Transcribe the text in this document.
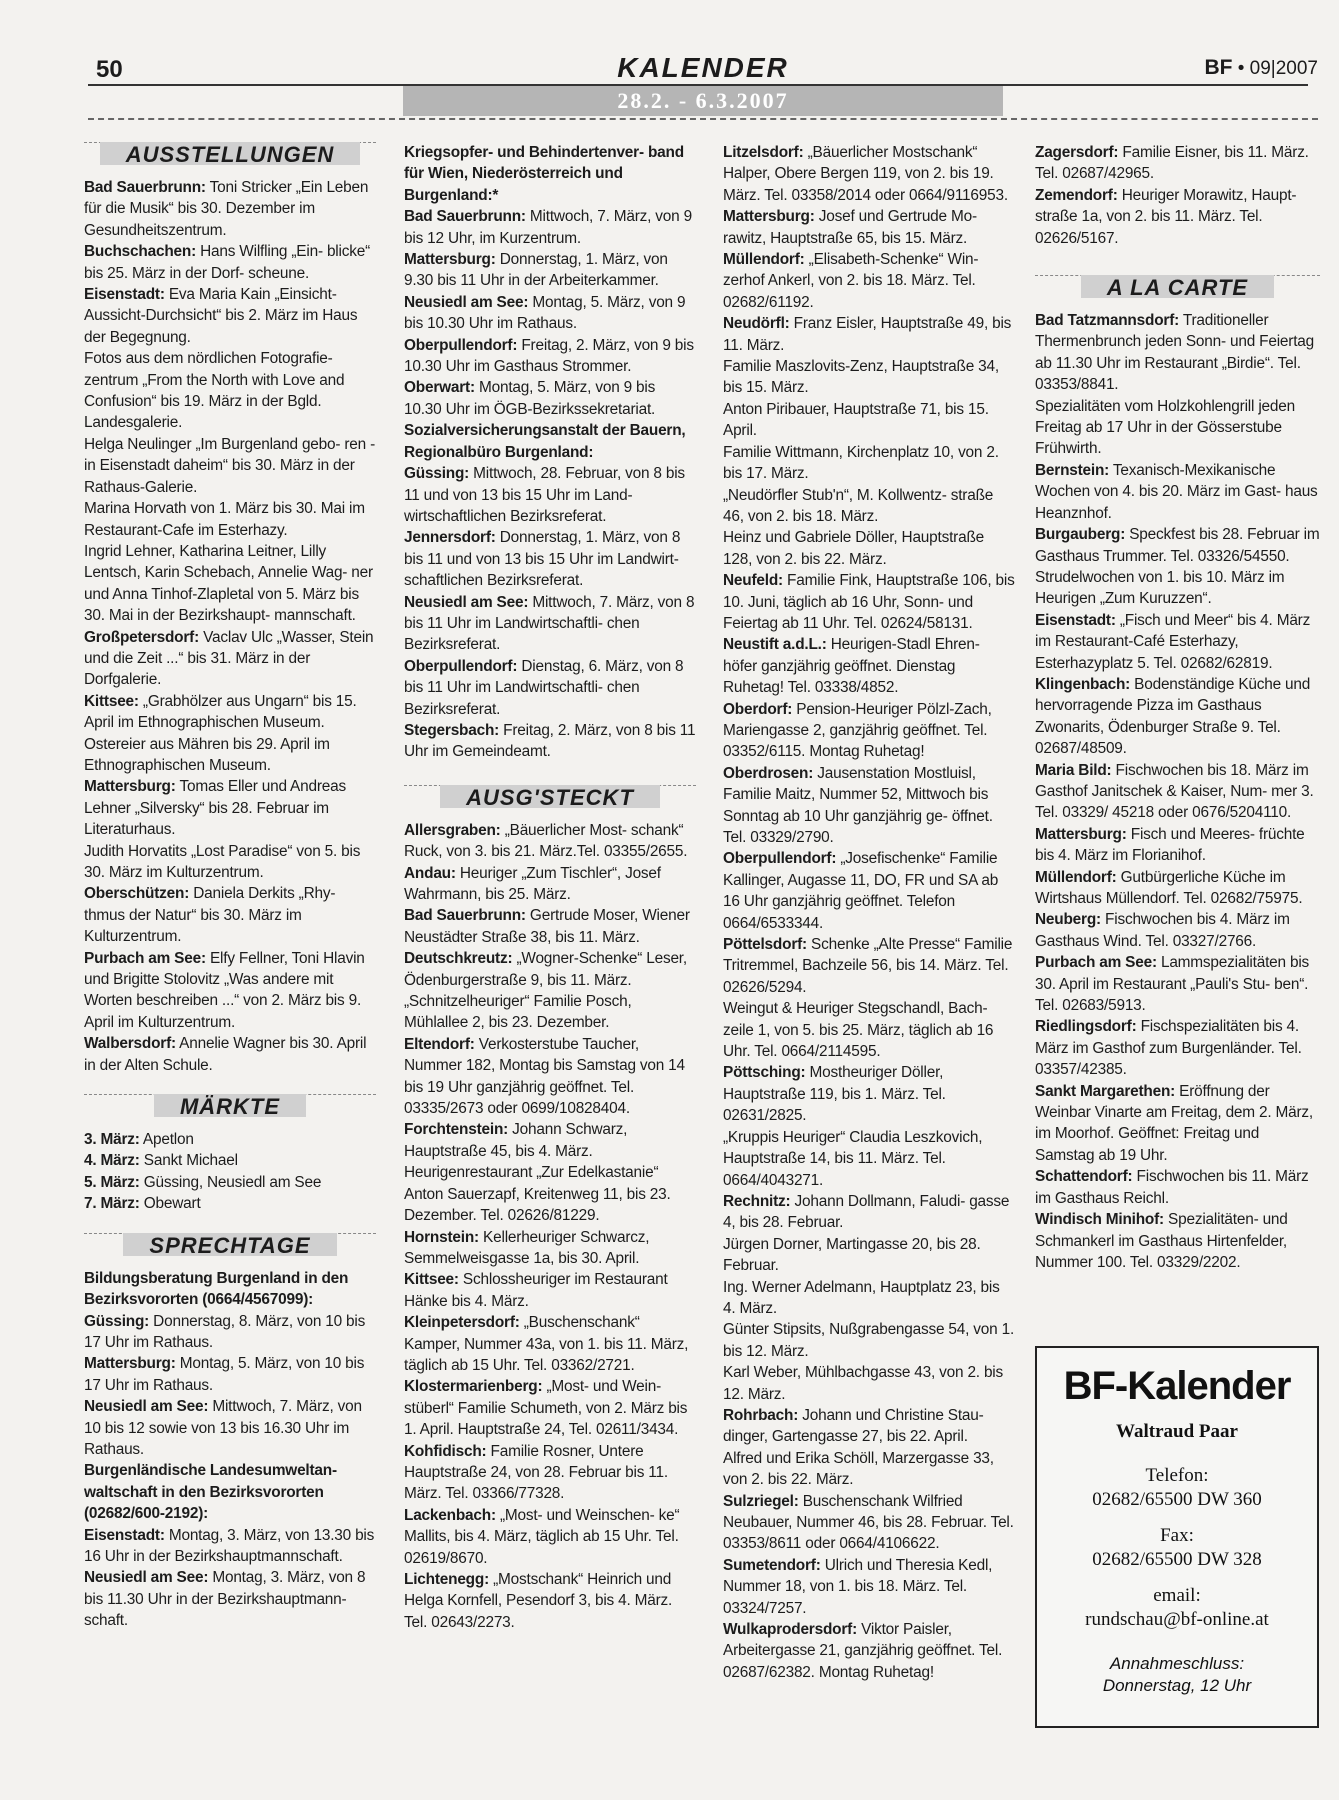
50	KALENDER	BF • 09|2007
28.2. - 6.3.2007
AUSSTELLUNGEN

Bad Sauerbrunn: Toni Stricker „Ein Leben für die Musik“ bis 30. Dezember im Gesundheitszentrum.

Buchschachen: Hans Wilfling „Ein- blicke“ bis 25. März in der Dorf- scheune.

Eisenstadt: Eva Maria Kain „Einsicht- Aussicht-Durchsicht“ bis 2. März im Haus der Begegnung.

Fotos aus dem nördlichen Fotografie- zentrum „From the North with Love and Confusion“ bis 19. März in der Bgld. Landesgalerie.

Helga Neulinger „Im Burgenland gebo- ren - in Eisenstadt daheim“ bis 30. März in der Rathaus-Galerie.

Marina Horvath von 1. März bis 30. Mai im Restaurant-Cafe im Esterhazy.

Ingrid Lehner, Katharina Leitner, Lilly Lentsch, Karin Schebach, Annelie Wag- ner und Anna Tinhof-Zlapletal von 5. März bis 30. Mai in der Bezirkshaupt- mannschaft.

Großpetersdorf: Vaclav Ulc „Wasser, Stein und die Zeit ...“ bis 31. März in der Dorfgalerie.

Kittsee: „Grabhölzer aus Ungarn“ bis 15. April im Ethnographischen Museum.

Ostereier aus Mähren bis 29. April im Ethnographischen Museum.

Mattersburg: Tomas Eller und Andreas Lehner „Silversky“ bis 28. Februar im Literaturhaus.

Judith Horvatits „Lost Paradise“ von 5. bis 30. März im Kulturzentrum.

Oberschützen: Daniela Derkits „Rhy- thmus der Natur“ bis 30. März im Kulturzentrum.

Purbach am See: Elfy Fellner, Toni Hlavin und Brigitte Stolovitz „Was andere mit Worten beschreiben ...“ von 2. März bis 9. April im Kulturzentrum.

Walbersdorf: Annelie Wagner bis 30. April in der Alten Schule.

MÄRKTE

3. März: Apetlon

4. März: Sankt Michael

5. März: Güssing, Neusiedl am See

7. März: Obewart

SPRECHTAGE

Bildungsberatung Burgenland in den Bezirksvororten (0664/4567099):

Güssing: Donnerstag, 8. März, von 10 bis 17 Uhr im Rathaus.

Mattersburg: Montag, 5. März, von 10 bis 17 Uhr im Rathaus.

Neusiedl am See: Mittwoch, 7. März, von 10 bis 12 sowie von 13 bis 16.30 Uhr im Rathaus.

Burgenländische Landesumweltan- waltschaft in den Bezirksvororten (02682/600-2192):

Eisenstadt: Montag, 3. März, von 13.30 bis 16 Uhr in der Bezirkshauptmannschaft.

Neusiedl am See: Montag, 3. März, von 8 bis 11.30 Uhr in der Bezirkshauptmann- schaft.

Kriegsopfer- und Behindertenver- band für Wien, Niederösterreich und Burgenland:*

Bad Sauerbrunn: Mittwoch, 7. März, von 9 bis 12 Uhr, im Kurzentrum.

Mattersburg: Donnerstag, 1. März, von 9.30 bis 11 Uhr in der Arbeiterkammer.

Neusiedl am See: Montag, 5. März, von 9 bis 10.30 Uhr im Rathaus.

Oberpullendorf: Freitag, 2. März, von 9 bis 10.30 Uhr im Gasthaus Strommer.

Oberwart: Montag, 5. März, von 9 bis 10.30 Uhr im ÖGB-Bezirkssekretariat.

Sozialversicherungsanstalt der Bauern, Regionalbüro Burgenland:

Güssing: Mittwoch, 28. Februar, von 8 bis 11 und von 13 bis 15 Uhr im Land- wirtschaftlichen Bezirksreferat.

Jennersdorf: Donnerstag, 1. März, von 8 bis 11 und von 13 bis 15 Uhr im Landwirt- schaftlichen Bezirksreferat.

Neusiedl am See: Mittwoch, 7. März, von 8 bis 11 Uhr im Landwirtschaftli- chen Bezirksreferat.

Oberpullendorf: Dienstag, 6. März, von 8 bis 11 Uhr im Landwirtschaftli- chen Bezirksreferat.

Stegersbach: Freitag, 2. März, von 8 bis 11 Uhr im Gemeindeamt.

AUSG'STECKT

Allersgraben: „Bäuerlicher Most- schank“ Ruck, von 3. bis 21. März.Tel. 03355/2655.

Andau: Heuriger „Zum Tischler“, Josef Wahrmann, bis 25. März.

Bad Sauerbrunn: Gertrude Moser, Wiener Neustädter Straße 38, bis 11. März.

Deutschkreutz: „Wogner-Schenke“ Leser, Ödenburgerstraße 9, bis 11. März. „Schnitzelheuriger“ Familie Posch, Mühlallee 2, bis 23. Dezember.

Eltendorf: Verkosterstube Taucher, Nummer 182, Montag bis Samstag von 14 bis 19 Uhr ganzjährig geöffnet. Tel. 03335/2673 oder 0699/10828404.

Forchtenstein: Johann Schwarz, Hauptstraße 45, bis 4. März. Heurigenrestaurant „Zur Edelkastanie“ Anton Sauerzapf, Kreitenweg 11, bis 23. Dezember. Tel. 02626/81229.

Hornstein: Kellerheuriger Schwarcz, Semmelweisgasse 1a, bis 30. April.

Kittsee: Schlossheuriger im Restaurant Hänke bis 4. März.

Kleinpetersdorf: „Buschenschank“ Kamper, Nummer 43a, von 1. bis 11. März, täglich ab 15 Uhr. Tel. 03362/2721.

Klostermarienberg: „Most- und Wein- stüberl“ Familie Schumeth, von 2. März bis 1. April. Hauptstraße 24, Tel. 02611/3434.

Kohfidisch: Familie Rosner, Untere Hauptstraße 24, von 28. Februar bis 11. März. Tel. 03366/77328.

Lackenbach: „Most- und Weinschen- ke“ Mallits, bis 4. März, täglich ab 15 Uhr. Tel. 02619/8670.

Lichtenegg: „Mostschank“ Heinrich und Helga Kornfell, Pesendorf 3, bis 4. März. Tel. 02643/2273.

Litzelsdorf: „Bäuerlicher Mostschank“ Halper, Obere Bergen 119, von 2. bis 19. März. Tel. 03358/2014 oder 0664/9116953.

Mattersburg: Josef und Gertrude Mo- rawitz, Hauptstraße 65, bis 15. März.

Müllendorf: „Elisabeth-Schenke“ Win- zerhof Ankerl, von 2. bis 18. März. Tel. 02682/61192.

Neudörfl: Franz Eisler, Hauptstraße 49, bis 11. März.

Familie Maszlovits-Zenz, Hauptstraße 34, bis 15. März.

Anton Piribauer, Hauptstraße 71, bis 15. April.

Familie Wittmann, Kirchenplatz 10, von 2. bis 17. März.

„Neudörfler Stub'n“, M. Kollwentz- straße 46, von 2. bis 18. März.

Heinz und Gabriele Döller, Hauptstraße 128, von 2. bis 22. März.

Neufeld: Familie Fink, Hauptstraße 106, bis 10. Juni, täglich ab 16 Uhr, Sonn- und Feiertag ab 11 Uhr. Tel. 02624/58131.

Neustift a.d.L.: Heurigen-Stadl Ehren- höfer ganzjährig geöffnet. Dienstag Ruhetag! Tel. 03338/4852.

Oberdorf: Pension-Heuriger Pölzl-Zach, Mariengasse 2, ganzjährig geöffnet. Tel. 03352/6115. Montag Ruhetag!

Oberdrosen: Jausenstation Mostluisl, Familie Maitz, Nummer 52, Mittwoch bis Sonntag ab 10 Uhr ganzjährig ge- öffnet. Tel. 03329/2790.

Oberpullendorf: „Josefischenke“ Familie Kallinger, Augasse 11, DO, FR und SA ab 16 Uhr ganzjährig geöffnet. Telefon 0664/6533344.

Pöttelsdorf: Schenke „Alte Presse“ Familie Tritremmel, Bachzeile 56, bis 14. März. Tel. 02626/5294.

Weingut & Heuriger Stegschandl, Bach- zeile 1, von 5. bis 25. März, täglich ab 16 Uhr. Tel. 0664/2114595.

Pöttsching: Mostheuriger Döller, Hauptstraße 119, bis 1. März. Tel. 02631/2825.

„Kruppis Heuriger“ Claudia Leszkovich, Hauptstraße 14, bis 11. März. Tel. 0664/4043271.

Rechnitz: Johann Dollmann, Faludi- gasse 4, bis 28. Februar.

Jürgen Dorner, Martingasse 20, bis 28. Februar.

Ing. Werner Adelmann, Hauptplatz 23, bis 4. März.

Günter Stipsits, Nußgrabengasse 54, von 1. bis 12. März.

Karl Weber, Mühlbachgasse 43, von 2. bis 12. März.

Rohrbach: Johann und Christine Stau- dinger, Gartengasse 27, bis 22. April.

Alfred und Erika Schöll, Marzergasse 33, von 2. bis 22. März.

Sulzriegel: Buschenschank Wilfried Neubauer, Nummer 46, bis 28. Februar. Tel. 03353/8611 oder 0664/4106622.

Sumetendorf: Ulrich und Theresia Kedl, Nummer 18, von 1. bis 18. März. Tel. 03324/7257.

Wulkaprodersdorf: Viktor Paisler, Arbeitergasse 21, ganzjährig geöffnet. Tel. 02687/62382. Montag Ruhetag!

Zagersdorf: Familie Eisner, bis 11. März. Tel. 02687/42965.

Zemendorf: Heuriger Morawitz, Haupt- straße 1a, von 2. bis 11. März. Tel. 02626/5167.

A LA CARTE

Bad Tatzmannsdorf: Traditioneller Thermenbrunch jeden Sonn- und Feiertag ab 11.30 Uhr im Restaurant „Birdie“. Tel. 03353/8841.

Spezialitäten vom Holzkohlengrill jeden Freitag ab 17 Uhr in der Gösserstube Frühwirth.

Bernstein: Texanisch-Mexikanische Wochen von 4. bis 20. März im Gast- haus Heanznhof.

Burgauberg: Speckfest bis 28. Februar im Gasthaus Trummer. Tel. 03326/54550. Strudelwochen von 1. bis 10. März im Heurigen „Zum Kuruzzen“.

Eisenstadt: „Fisch und Meer“ bis 4. März im Restaurant-Café Esterhazy, Esterhazyplatz 5. Tel. 02682/62819.

Klingenbach: Bodenständige Küche und hervorragende Pizza im Gasthaus Zwonarits, Ödenburger Straße 9. Tel. 02687/48509.

Maria Bild: Fischwochen bis 18. März im Gasthof Janitschek & Kaiser, Num- mer 3. Tel. 03329/ 45218 oder 0676/5204110.

Mattersburg: Fisch und Meeres- früchte bis 4. März im Florianihof.

Müllendorf: Gutbürgerliche Küche im Wirtshaus Müllendorf. Tel. 02682/75975.

Neuberg: Fischwochen bis 4. März im Gasthaus Wind. Tel. 03327/2766.

Purbach am See: Lammspezialitäten bis 30. April im Restaurant „Pauli's Stu- ben“. Tel. 02683/5913.

Riedlingsdorf: Fischspezialitäten bis 4. März im Gasthof zum Burgenländer. Tel. 03357/42385.

Sankt Margarethen: Eröffnung der Weinbar Vinarte am Freitag, dem 2. März, im Moorhof. Geöffnet: Freitag und Samstag ab 19 Uhr.

Schattendorf: Fischwochen bis 11. März im Gasthaus Reichl.

Windisch Minihof: Spezialitäten- und Schmankerl im Gasthaus Hirtenfelder, Nummer 100. Tel. 03329/2202.

BF-Kalender
Waltraud Paar
Telefon:
02682/65500 DW 360
Fax:
02682/65500 DW 328
email:
rundschau@bf-online.at
Annahmeschluss:
Donnerstag, 12 Uhr
